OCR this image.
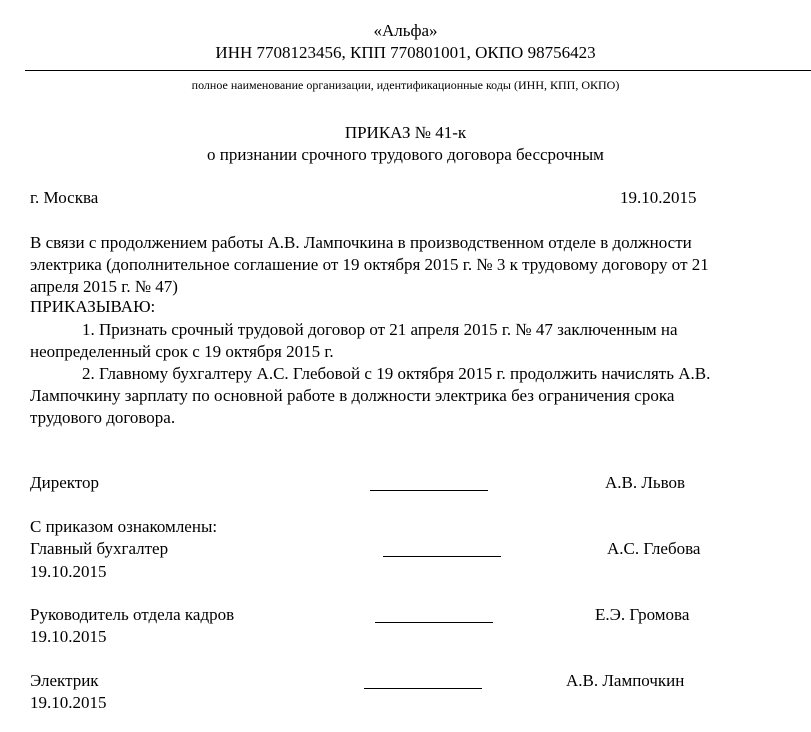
«Альфа»
ИНН 7708123456, КПП 770801001, ОКПО 98756423
полное наименование организации, идентификационные коды (ИНН, КПП, ОКПО)
ПРИКАЗ № 41-к
о признании срочного трудового договора бессрочным
г. Москва	19.10.2015
В связи с продолжением работы А.В. Лампочкина в производственном отделе в должности
электрика (дополнительное соглашение от 19 октября 2015 г. № 3 к трудовому договору от 21
апреля 2015 г. № 47)
ПРИКАЗЫВАЮ:
1. Признать срочный трудовой договор от 21 апреля 2015 г. № 47 заключенным на
неопределенный срок с 19 октября 2015 г.
2. Главному бухгалтеру А.С. Глебовой с 19 октября 2015 г. продолжить начислять А.В.
Лампочкину зарплату по основной работе в должности электрика без ограничения срока
трудового договора.
Директор	А.В. Львов
С приказом ознакомлены:
Главный бухгалтер	А.С. Глебова
19.10.2015
Руководитель отдела кадров	Е.Э. Громова
19.10.2015
Электрик	А.В. Лампочкин
19.10.2015
